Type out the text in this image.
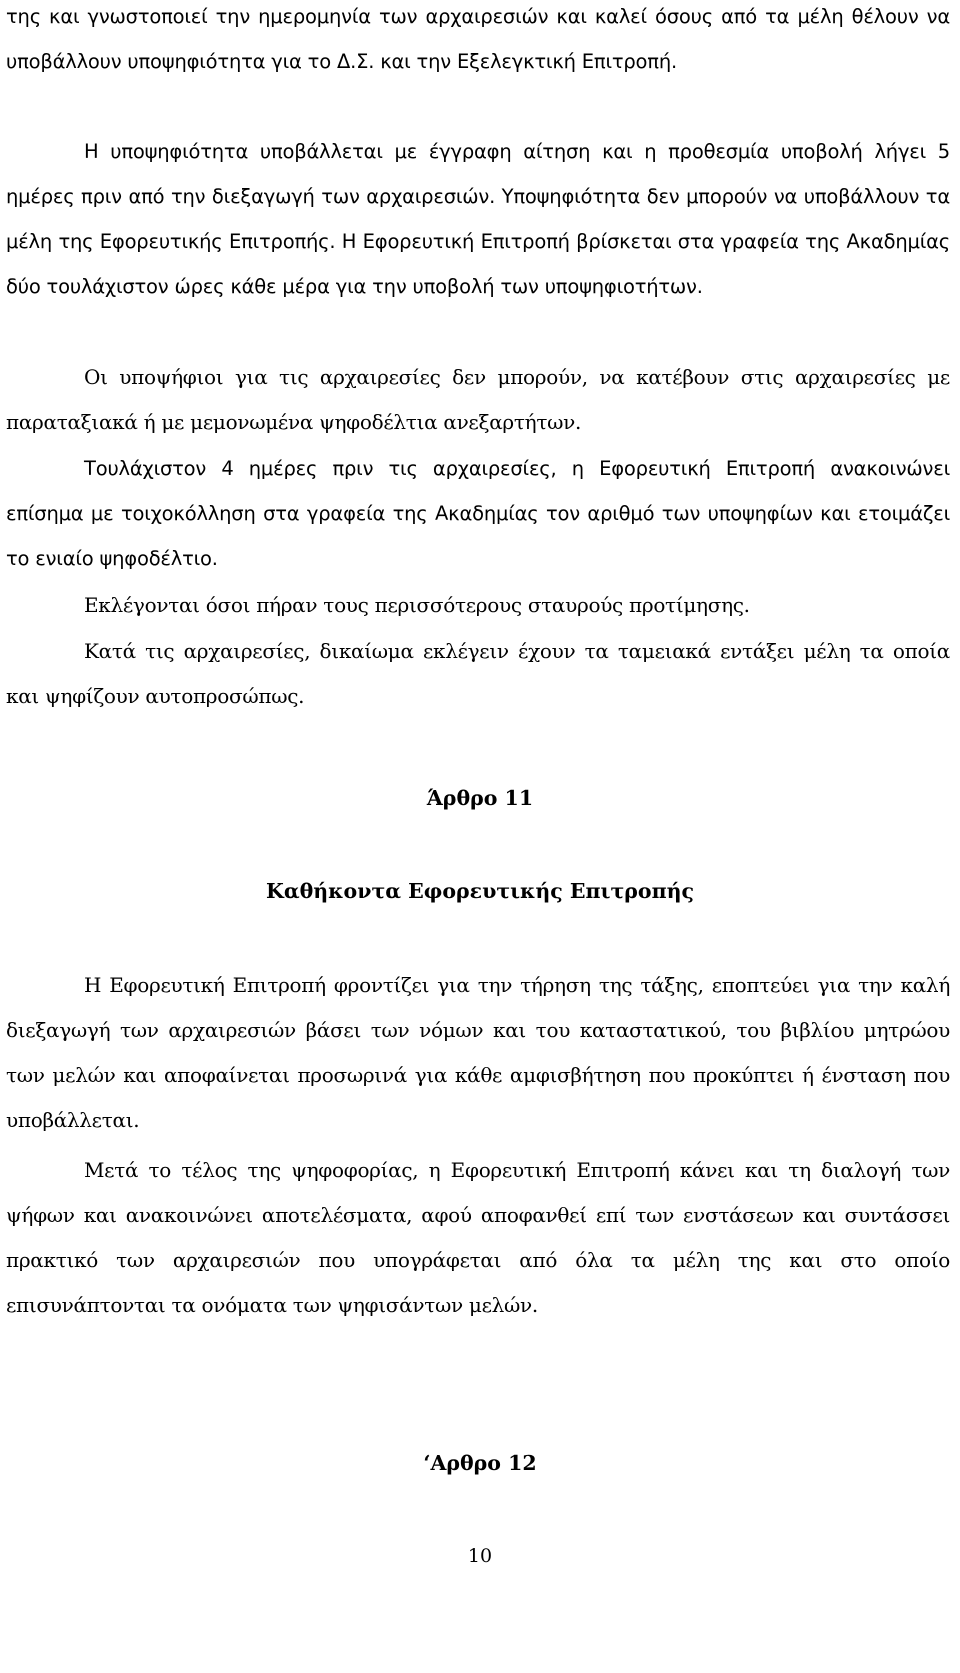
της και γνωστοποιεί την ημερομηνία των αρχαιρεσιών και καλεί όσους από τα μέλη θέλουν να υποβάλλουν υποψηφιότητα για το Δ.Σ. και την Εξελεγκτική Επιτροπή.

Η υποψηφιότητα υποβάλλεται με έγγραφη αίτηση και η προθεσμία υποβολή λήγει 5 ημέρες πριν από την διεξαγωγή των αρχαιρεσιών. Υποψηφιότητα δεν μπορούν να υποβάλλουν τα μέλη της Εφορευτικής Επιτροπής. Η Εφορευτική Επιτροπή βρίσκεται στα γραφεία της Ακαδημίας δύο τουλάχιστον ώρες κάθε μέρα για την υποβολή των υποψηφιοτήτων.

Οι υποψήφιοι για τις αρχαιρεσίες δεν μπορούν, να κατέβουν στις αρχαιρεσίες με παραταξιακά ή με μεμονωμένα ψηφοδέλτια ανεξαρτήτων.

Τουλάχιστον 4 ημέρες πριν τις αρχαιρεσίες, η Εφορευτική Επιτροπή ανακοινώνει επίσημα με τοιχοκόλληση στα γραφεία της Ακαδημίας τον αριθμό των υποψηφίων και ετοιμάζει το ενιαίο ψηφοδέλτιο.

Εκλέγονται όσοι πήραν τους περισσότερους σταυρούς προτίμησης.

Κατά τις αρχαιρεσίες, δικαίωμα εκλέγειν έχουν τα ταμειακά εντάξει μέλη τα οποία και ψηφίζουν αυτοπροσώπως.

Άρθρο 11
Καθήκοντα Εφορευτικής Επιτροπής

Η Εφορευτική Επιτροπή φροντίζει για την τήρηση της τάξης, εποπτεύει για την καλή διεξαγωγή των αρχαιρεσιών βάσει των νόμων και του καταστατικού, του βιβλίου μητρώου των μελών και αποφαίνεται προσωρινά για κάθε αμφισβήτηση που προκύπτει ή ένσταση που υποβάλλεται.

Μετά το τέλος της ψηφοφορίας, η Εφορευτική Επιτροπή κάνει και τη διαλογή των ψήφων και ανακοινώνει αποτελέσματα, αφού αποφανθεί επί των ενστάσεων και συντάσσει πρακτικό των αρχαιρεσιών που υπογράφεται από όλα τα μέλη της και στο οποίο επισυνάπτονται τα ονόματα των ψηφισάντων μελών.

‘Αρθρο 12
10
